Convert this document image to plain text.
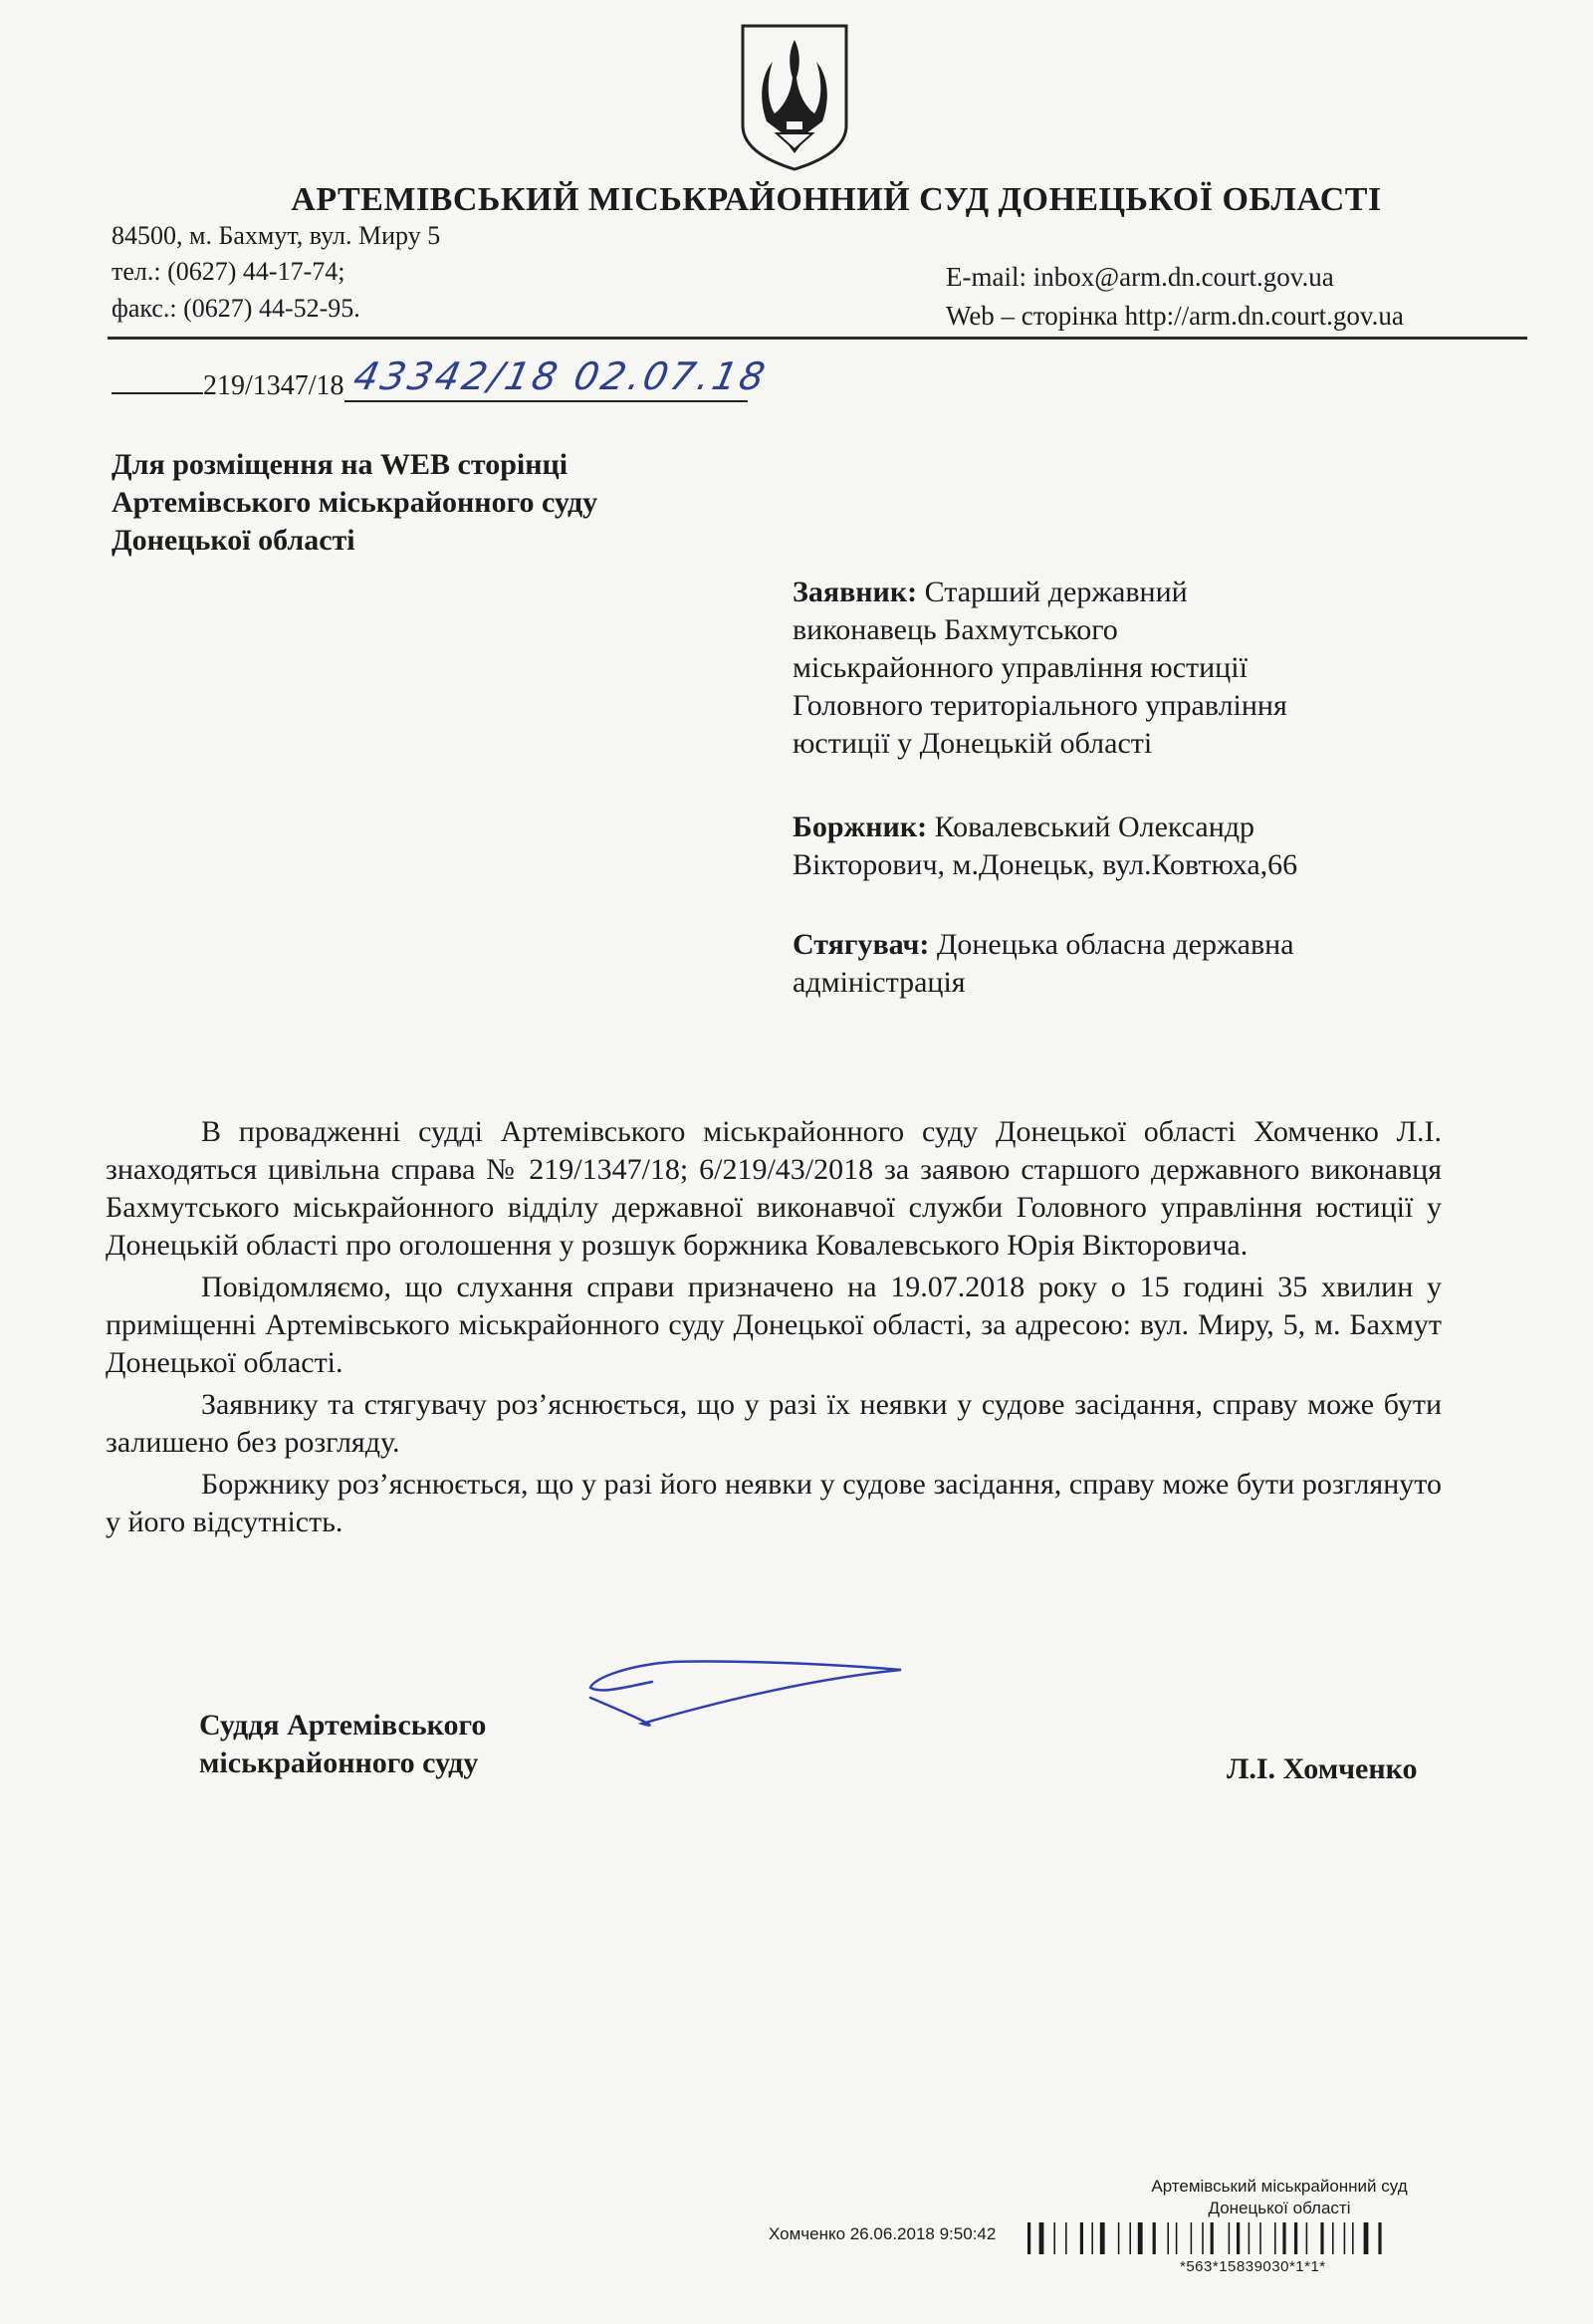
АРТЕМІВСЬКИЙ МІСЬКРАЙОННИЙ СУД ДОНЕЦЬКОЇ ОБЛАСТІ
84500, м. Бахмут, вул. Миру 5
тел.: (0627) 44-17-74;
факс.: (0627) 44-52-95.
E-mail: inbox@arm.dn.court.gov.ua
Web – сторінка http://arm.dn.court.gov.ua
219/1347/18 43342/18 02.07.18
Для розміщення на WEB сторінці
Артемівського міськрайонного суду
Донецької області
Заявник: Старший державний
виконавець Бахмутського
міськрайонного управління юстиції
Головного територіального управління
юстиції у Донецькій області
Боржник: Ковалевський Олександр
Вікторович, м.Донецьк, вул.Ковтюха,66
Стягувач: Донецька обласна державна
адміністрація

В провадженні судді Артемівського міськрайонного суду Донецької області Хомченко Л.І. знаходяться цивільна справа № 219/1347/18; 6/219/43/2018 за заявою старшого державного виконавця Бахмутського міськрайонного відділу державної виконавчої служби Головного управління юстиції у Донецькій області про оголошення у розшук боржника Ковалевського Юрія Вікторовича.

Повідомляємо, що слухання справи призначено на 19.07.2018 року о 15 годині 35 хвилин у приміщенні Артемівського міськрайонного суду Донецької області, за адресою: вул. Миру, 5, м. Бахмут Донецької області.

Заявнику та стягувачу роз’яснюється, що у разі їх неявки у судове засідання, справу може бути залишено без розгляду.

Боржнику роз’яснюється, що у разі його неявки у судове засідання, справу може бути розглянуто у його відсутність.

Суддя Артемівського
міськрайонного суду	Л.І. Хомченко
Артемівський міськрайонний суд
Донецької області
Хомченко 26.06.2018 9:50:42
*563*15839030*1*1*
